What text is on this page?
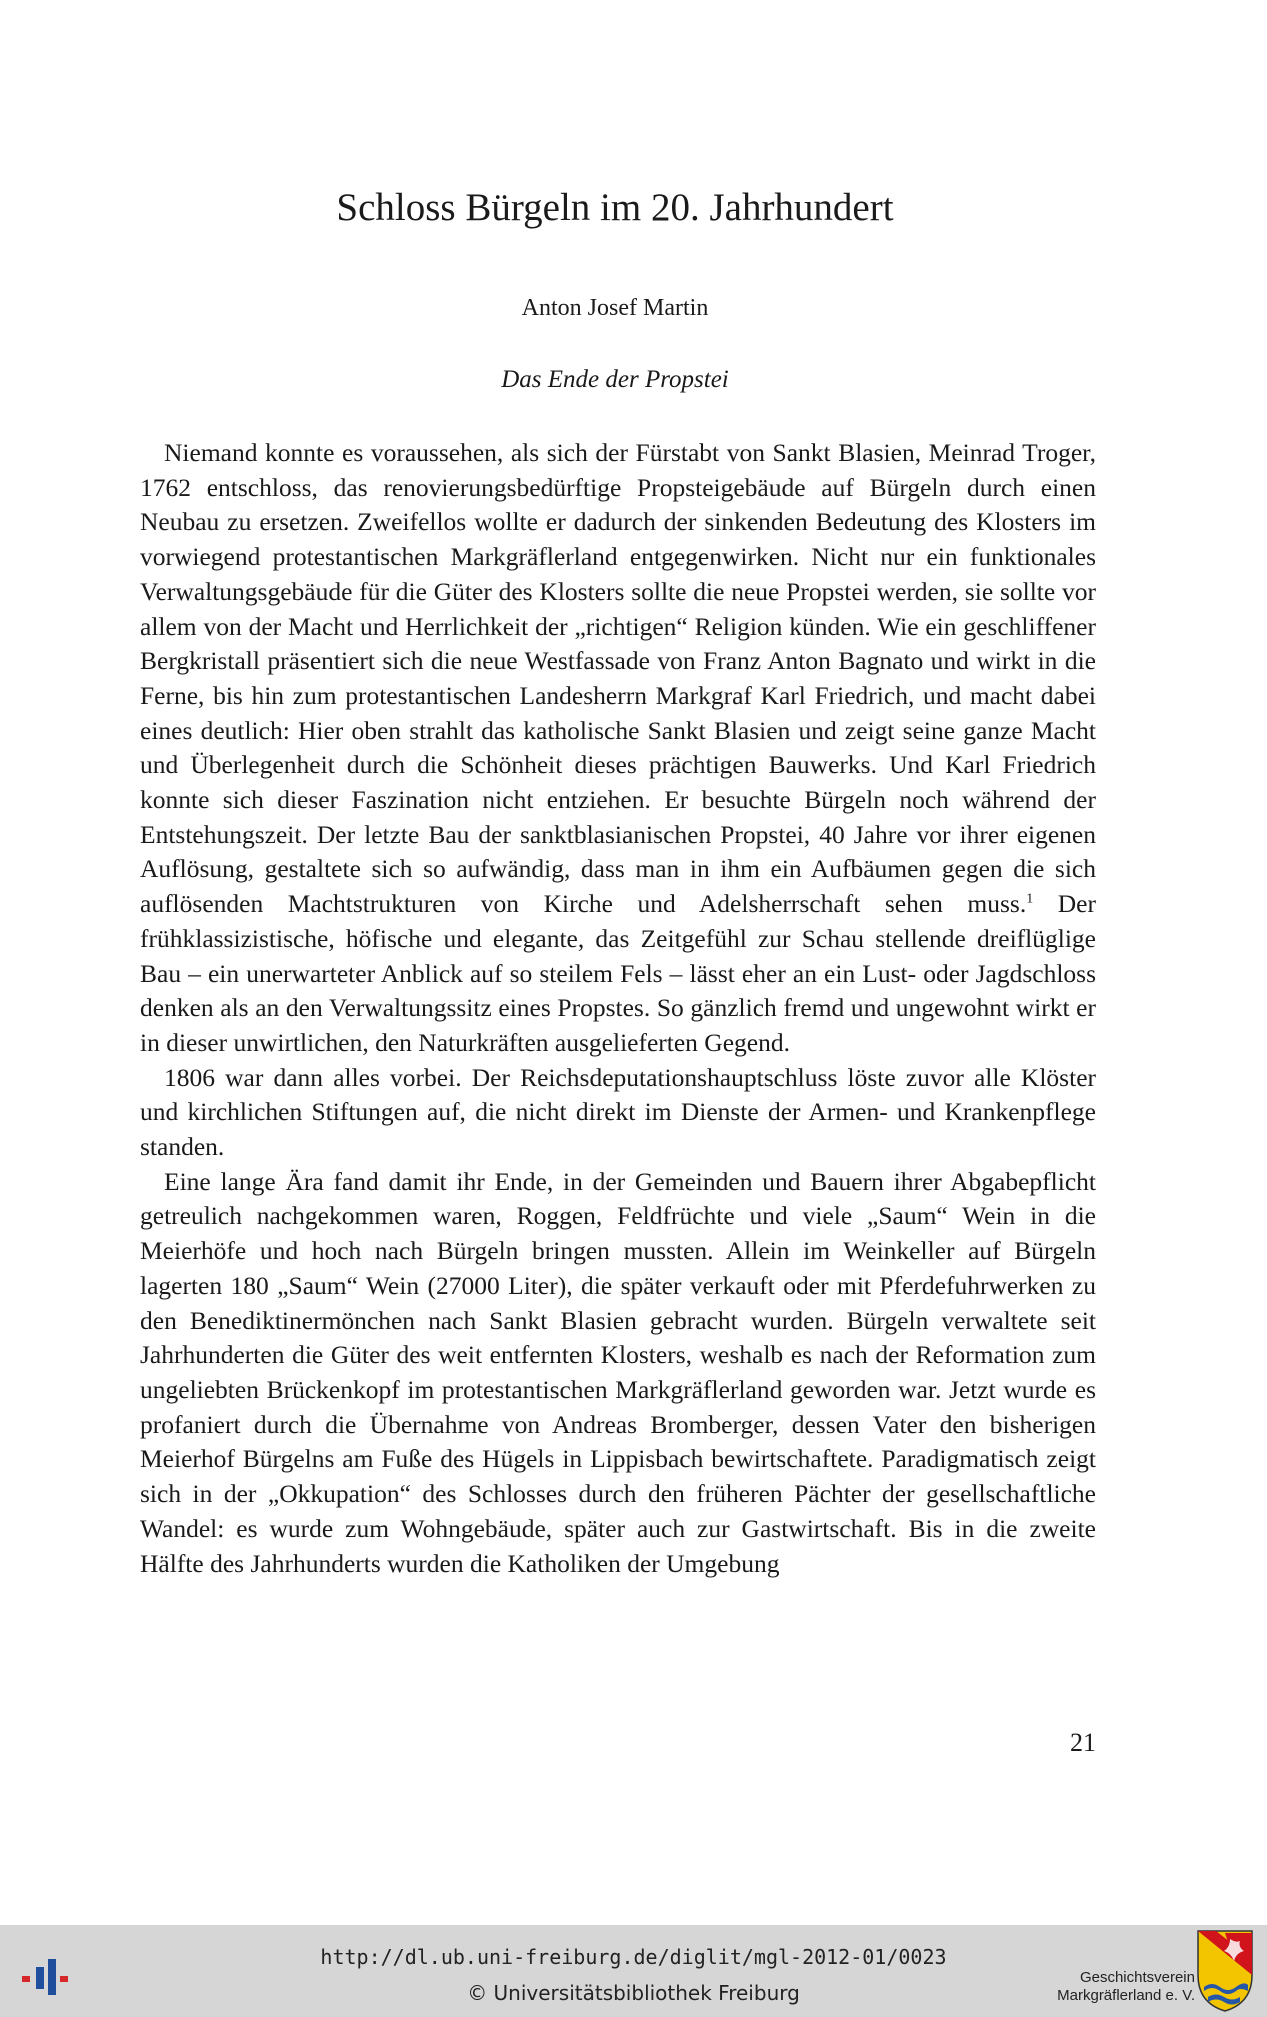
Schloss Bürgeln im 20. Jahrhundert
Anton Josef Martin
Das Ende der Propstei

Niemand konnte es voraussehen, als sich der Fürstabt von Sankt Blasien, Meinrad Troger, 1762 entschloss, das renovierungsbedürftige Propsteigebäude auf Bürgeln durch einen Neubau zu ersetzen. Zweifellos wollte er dadurch der sinkenden Bedeutung des Klosters im vorwiegend protestantischen Markgräflerland entgegenwirken. Nicht nur ein funktionales Verwaltungsgebäude für die Güter des Klosters sollte die neue Propstei werden, sie sollte vor allem von der Macht und Herrlichkeit der „richtigen“ Religion künden. Wie ein geschliffener Bergkristall präsentiert sich die neue Westfassade von Franz Anton Bagnato und wirkt in die Ferne, bis hin zum protestantischen Landesherrn Markgraf Karl Friedrich, und macht dabei eines deutlich: Hier oben strahlt das katholische Sankt Blasien und zeigt seine ganze Macht und Überlegenheit durch die Schönheit dieses prächtigen Bauwerks. Und Karl Friedrich konnte sich dieser Faszination nicht entziehen. Er besuchte Bürgeln noch während der Entstehungszeit. Der letzte Bau der sanktblasianischen Propstei, 40 Jahre vor ihrer eigenen Auflösung, gestaltete sich so aufwändig, dass man in ihm ein Aufbäumen gegen die sich auflösenden Machtstrukturen von Kirche und Adelsherrschaft sehen muss.$^1$ Der frühklassizistische, höfische und elegante, das Zeitgefühl zur Schau stellende dreiflüglige Bau – ein unerwarteter Anblick auf so steilem Fels – lässt eher an ein Lust- oder Jagdschloss denken als an den Verwaltungssitz eines Propstes. So gänzlich fremd und ungewohnt wirkt er in dieser unwirtlichen, den Naturkräften ausgelieferten Gegend.

1806 war dann alles vorbei. Der Reichsdeputationshauptschluss löste zuvor alle Klöster und kirchlichen Stiftungen auf, die nicht direkt im Dienste der Armen- und Krankenpflege standen.

Eine lange Ära fand damit ihr Ende, in der Gemeinden und Bauern ihrer Abgabepflicht getreulich nachgekommen waren, Roggen, Feldfrüchte und viele „Saum“ Wein in die Meierhöfe und hoch nach Bürgeln bringen mussten. Allein im Weinkeller auf Bürgeln lagerten 180 „Saum“ Wein (27000 Liter), die später verkauft oder mit Pferdefuhrwerken zu den Benediktinermönchen nach Sankt Blasien gebracht wurden. Bürgeln verwaltete seit Jahrhunderten die Güter des weit entfernten Klosters, weshalb es nach der Reformation zum ungeliebten Brückenkopf im protestantischen Markgräflerland geworden war. Jetzt wurde es profaniert durch die Übernahme von Andreas Bromberger, dessen Vater den bisherigen Meierhof Bürgelns am Fuße des Hügels in Lippisbach bewirtschaftete. Paradigmatisch zeigt sich in der „Okkupation“ des Schlosses durch den früheren Pächter der gesellschaftliche Wandel: es wurde zum Wohngebäude, später auch zur Gastwirtschaft. Bis in die zweite Hälfte des Jahrhunderts wurden die Katholiken der Umgebung

21
http://dl.ub.uni-freiburg.de/diglit/mgl-2012-01/0023
© Universitätsbibliothek Freiburg
Geschichtsverein
Markgräflerland e. V.
